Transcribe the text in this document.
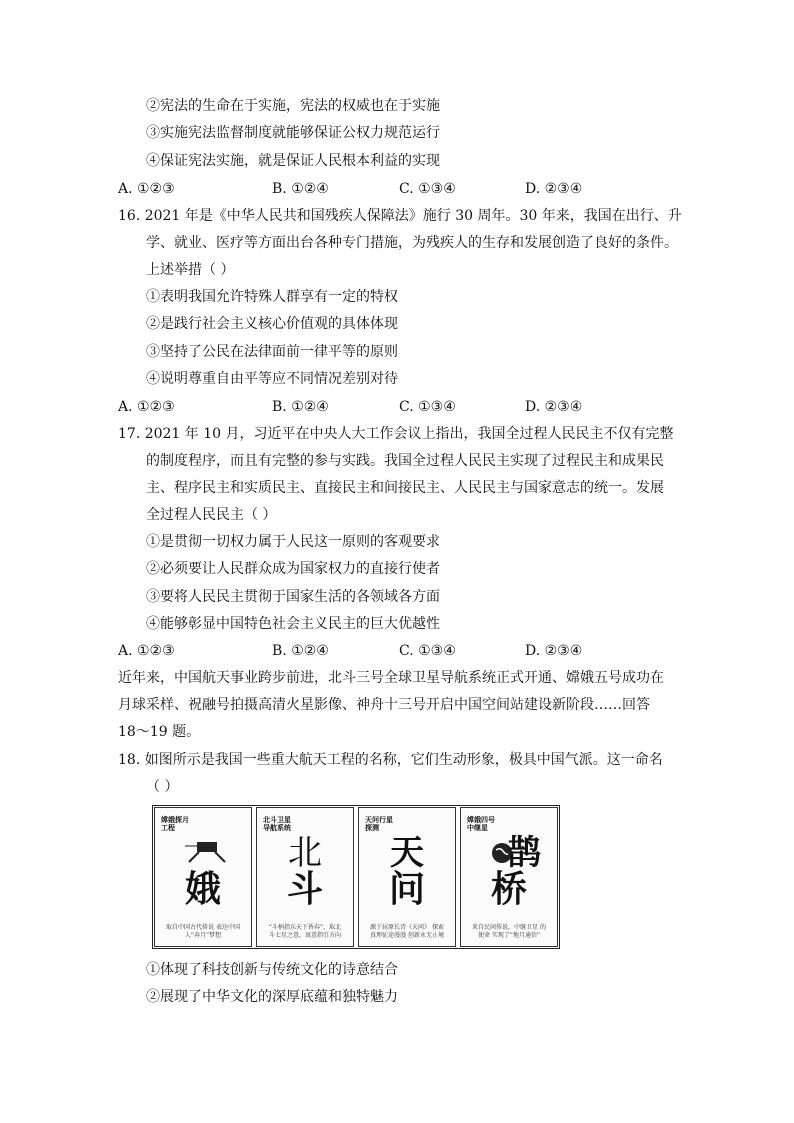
②宪法的生命在于实施，宪法的权威也在于实施
③实施宪法监督制度就能够保证公权力规范运行
④保证宪法实施，就是保证人民根本利益的实现
A. ①②③	B. ①②④	C. ①③④	D. ②③④
16. 2021 年是《中华人民共和国残疾人保障法》施行 30 周年。30 年来，我国在出行、升
学、就业、医疗等方面出台各种专门措施，为残疾人的生存和发展创造了良好的条件。
上述举措（ ）
①表明我国允许特殊人群享有一定的特权
②是践行社会主义核心价值观的具体体现
③坚持了公民在法律面前一律平等的原则
④说明尊重自由平等应不同情况差别对待
A. ①②③	B. ①②④	C. ①③④	D. ②③④
17. 2021 年 10 月，习近平在中央人大工作会议上指出，我国全过程人民民主不仅有完整
的制度程序，而且有完整的参与实践。我国全过程人民民主实现了过程民主和成果民
主、程序民主和实质民主、直接民主和间接民主、人民民主与国家意志的统一。发展
全过程人民民主（ ）
①是贯彻一切权力属于人民这一原则的客观要求
②必须要让人民群众成为国家权力的直接行使者
③要将人民民主贯彻于国家生活的各领域各方面
④能够彰显中国特色社会主义民主的巨大优越性
A. ①②③	B. ①②④	C. ①③④	D. ②③④
近年来，中国航天事业跨步前进，北斗三号全球卫星导航系统正式开通、嫦娥五号成功在
月球采样、祝融号拍摄高清火星影像、神舟十三号开启中国空间站建设新阶段……回答
18～19 题。
18. 如图所示是我国一些重大航天工程的名称，它们生动形象，极具中国气派。这一命名
（ ）
嫦娥探月工程
娥
取自中国古代传说 表达中国人“奔月”梦想
北斗卫星导航系统
北
斗
“斗柄指东天下皆春”，取北斗七星之意，寓意指引方向
天问行星探测
天
问
源于屈原长诗《天问》 探索真理征途漫漫 创新永无止境
嫦娥四号中继星
鹊
桥
来自民间传说，中继卫星 的使命 实现了“地月通信”
①体现了科技创新与传统文化的诗意结合
②展现了中华文化的深厚底蕴和独特魅力
